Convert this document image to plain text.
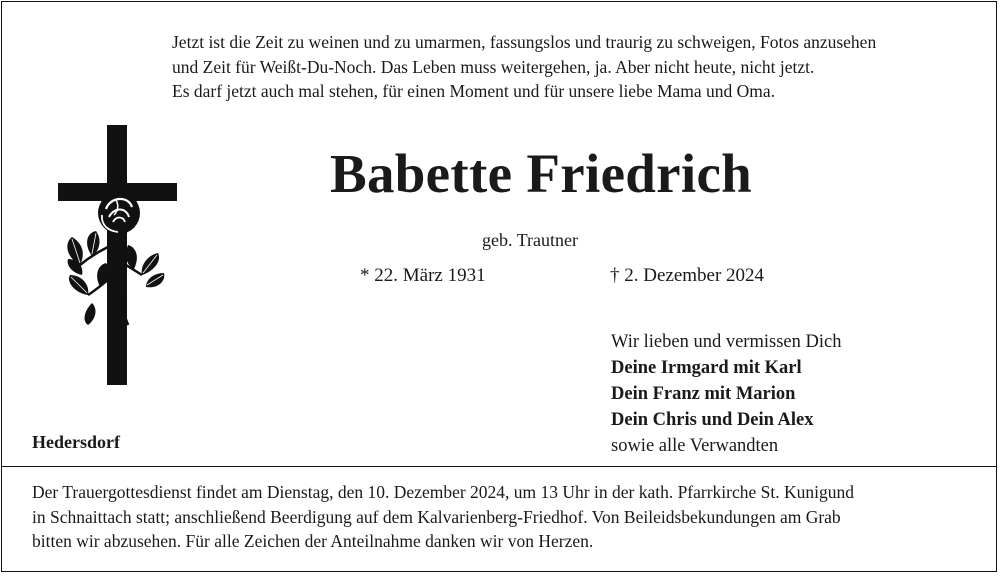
Jetzt ist die Zeit zu weinen und zu umarmen, fassungslos und traurig zu schweigen, Fotos anzusehen
und Zeit für Weißt-Du-Noch. Das Leben muss weitergehen, ja. Aber nicht heute, nicht jetzt.
Es darf jetzt auch mal stehen, für einen Moment und für unsere liebe Mama und Oma.
Babette Friedrich
geb. Trautner
* 22. März 1931	† 2. Dezember 2024
Wir lieben und vermissen Dich
Deine Irmgard mit Karl
Dein Franz mit Marion
Dein Chris und Dein Alex
sowie alle Verwandten
Hedersdorf
Der Trauergottesdienst findet am Dienstag, den 10. Dezember 2024, um 13 Uhr in der kath. Pfarrkirche St. Kunigund
in Schnaittach statt; anschließend Beerdigung auf dem Kalvarienberg-Friedhof. Von Beileidsbekundungen am Grab
bitten wir abzusehen. Für alle Zeichen der Anteilnahme danken wir von Herzen.
